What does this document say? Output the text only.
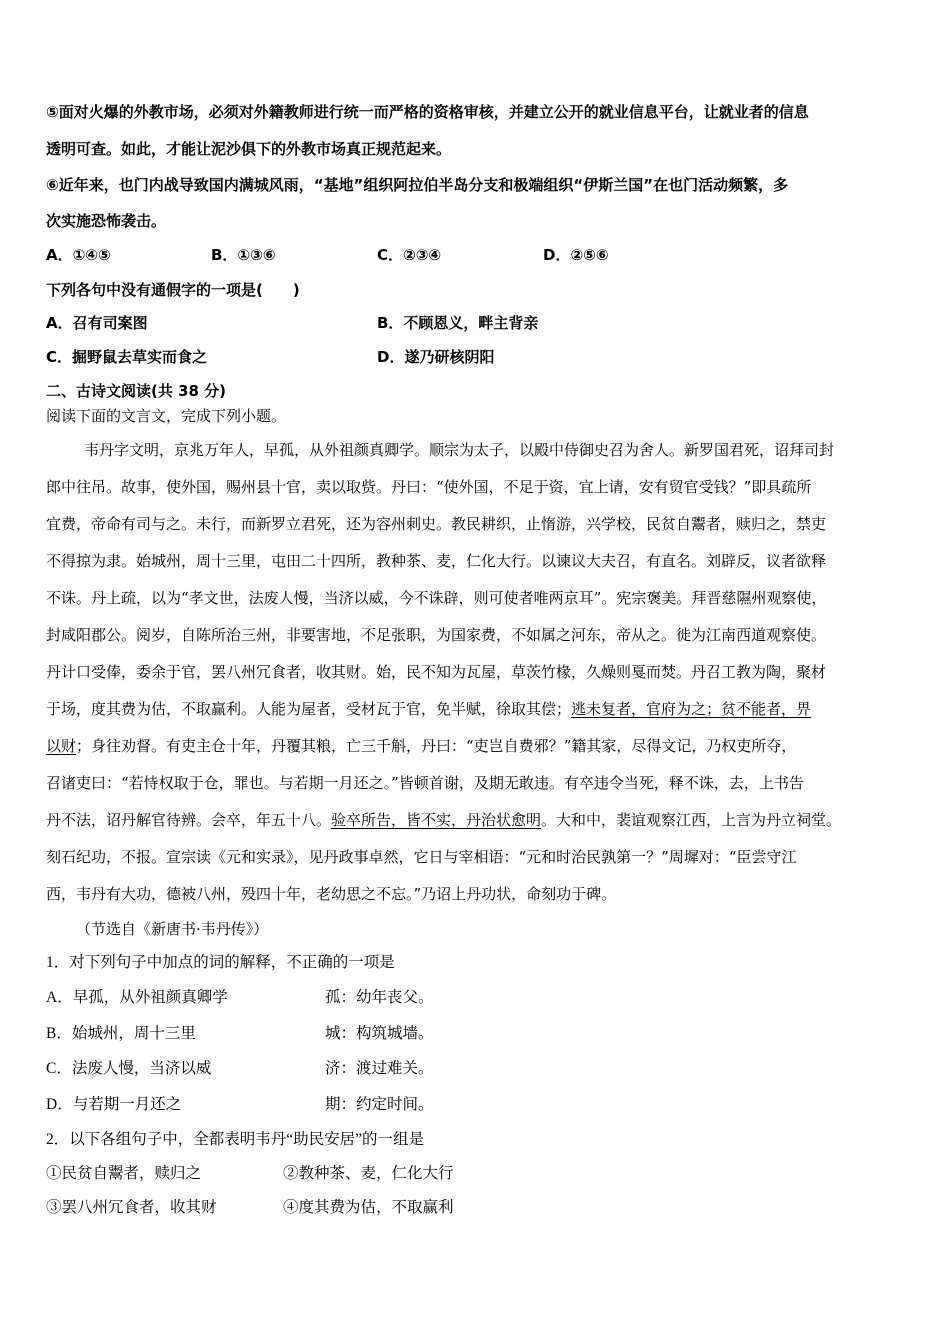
⑤面对火爆的外教市场，必须对外籍教师进行统一而严格的资格审核，并建立公开的就业信息平台，让就业者的信息
透明可查。如此，才能让泥沙俱下的外教市场真正规范起来。
⑥近年来，也门内战导致国内满城风雨，“基地”组织阿拉伯半岛分支和极端组织“伊斯兰国”在也门活动频繁，多
次实施恐怖袭击。
A．①④⑤	B．①③⑥	C．②③④	D．②⑤⑥
下列各句中没有通假字的一项是(　　)
A．召有司案图	B．不顾恩义，畔主背亲
C．掘野鼠去草实而食之	D．遂乃研核阴阳
二、古诗文阅读(共 38 分)
阅读下面的文言文，完成下列小题。
韦丹字文明，京兆万年人，早孤，从外祖颜真卿学。顺宗为太子，以殿中侍御史召为舍人。新罗国君死，诏拜司封
郎中往吊。故事，使外国，赐州县十官，卖以取赀。丹曰：“使外国，不足于资，宜上请，安有贸官受钱？”即具疏所
宜费，帝命有司与之。未行，而新罗立君死，还为容州刺史。教民耕织，止惰游，兴学校，民贫自鬻者，赎归之，禁吏
不得掠为隶。始城州，周十三里，屯田二十四所，教种茶、麦，仁化大行。以谏议大夫召，有直名。刘辟反，议者欲释
不诛。丹上疏，以为“孝文世，法废人慢，当济以威，今不诛辟，则可使者唯两京耳”。宪宗褒美。拜晋慈隰州观察使，
封咸阳郡公。阅岁，自陈所治三州，非要害地，不足张职，为国家费，不如属之河东，帝从之。徙为江南西道观察使。
丹计口受俸，委余于官，罢八州冗食者，收其财。始，民不知为瓦屋，草茨竹椽，久燥则戛而焚。丹召工教为陶，聚材
于场，度其费为估，不取赢利。人能为屋者，受材瓦于官，免半赋，徐取其偿；逃未复者，官府为之；贫不能者，畀
以财；身往劝督。有吏主仓十年，丹覆其粮，亡三千斛，丹曰：“吏岂自费邪？”籍其家，尽得文记，乃权吏所夺，
召诸吏曰：“若恃权取于仓，罪也。与若期一月还之。”皆顿首谢，及期无敢违。有卒违令当死，释不诛，去，上书告
丹不法，诏丹解官待辨。会卒，年五十八。验卒所告，皆不实，丹治状愈明。大和中，裴谊观察江西，上言为丹立祠堂。
刻石纪功，不报。宣宗读《元和实录》，见丹政事卓然，它日与宰相语：“元和时治民孰第一？”周墀对：“臣尝守江
西，韦丹有大功，德被八州，殁四十年，老幼思之不忘。”乃诏上丹功状，命刻功于碑。
（节选自《新唐书·韦丹传》）
1．对下列句子中加点的词的解释，不正确的一项是
A．早孤，从外祖颜真卿学	孤：幼年丧父。
B．始城州，周十三里	城：构筑城墙。
C．法废人慢，当济以威	济：渡过难关。
D．与若期一月还之	期：约定时间。
2．以下各组句子中，全都表明韦丹“助民安居”的一组是
①民贫自鬻者，赎归之	②教种茶、麦，仁化大行
③罢八州冗食者，收其财	④度其费为估，不取赢利
